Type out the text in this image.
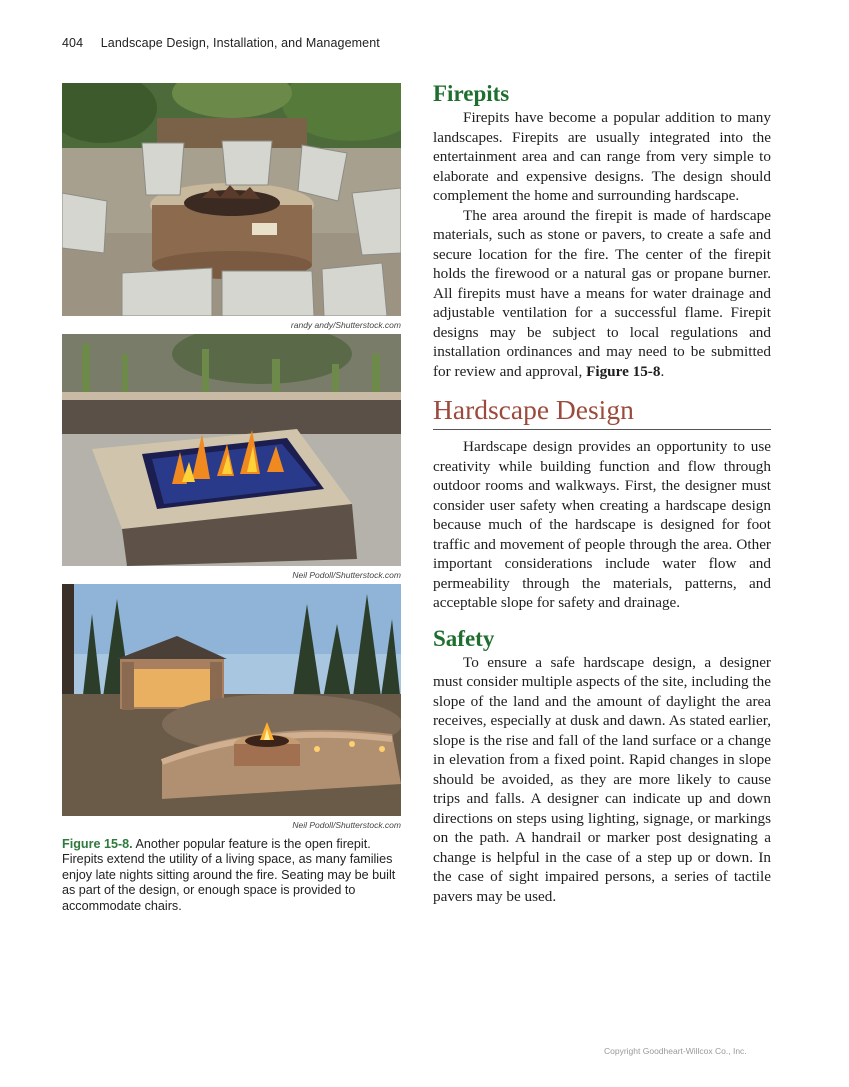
404 Landscape Design, Installation, and Management
randy andy/Shutterstock.com
Neil Podoll/Shutterstock.com
Neil Podoll/Shutterstock.com
Figure 15-8. Another popular feature is the open firepit. Firepits extend the utility of a living space, as many families enjoy late nights sitting around the fire. Seating may be built as part of the design, or enough space is provided to accommodate chairs.
Firepits

Firepits have become a popular addition to many landscapes. Firepits are usually integrated into the entertainment area and can range from very simple to elaborate and expensive designs. The design should complement the home and surrounding hardscape.

The area around the firepit is made of hardscape materials, such as stone or pavers, to create a safe and secure location for the fire. The center of the firepit holds the firewood or a natural gas or propane burner. All firepits must have a means for water drainage and adjustable ventilation for a successful flame. Firepit designs may be subject to local regulations and installation ordinances and may need to be submitted for review and approval, Figure 15-8.

Hardscape Design

Hardscape design provides an opportunity to use creativity while building function and flow through outdoor rooms and walkways. First, the designer must consider user safety when creating a hardscape design because much of the hardscape is designed for foot traffic and movement of people through the area. Other important considerations include water flow and permeability through the materials, patterns, and acceptable slope for safety and drainage.

Safety

To ensure a safe hardscape design, a designer must consider multiple aspects of the site, including the slope of the land and the amount of daylight the area receives, especially at dusk and dawn. As stated earlier, slope is the rise and fall of the land surface or a change in elevation from a fixed point. Rapid changes in slope should be avoided, as they are more likely to cause trips and falls. A designer can indicate up and down directions on steps using lighting, signage, or markings on the path. A handrail or marker post designating a change is helpful in the case of a step up or down. In the case of sight impaired persons, a series of tactile pavers may be used.

Copyright Goodheart-Willcox Co., Inc.
